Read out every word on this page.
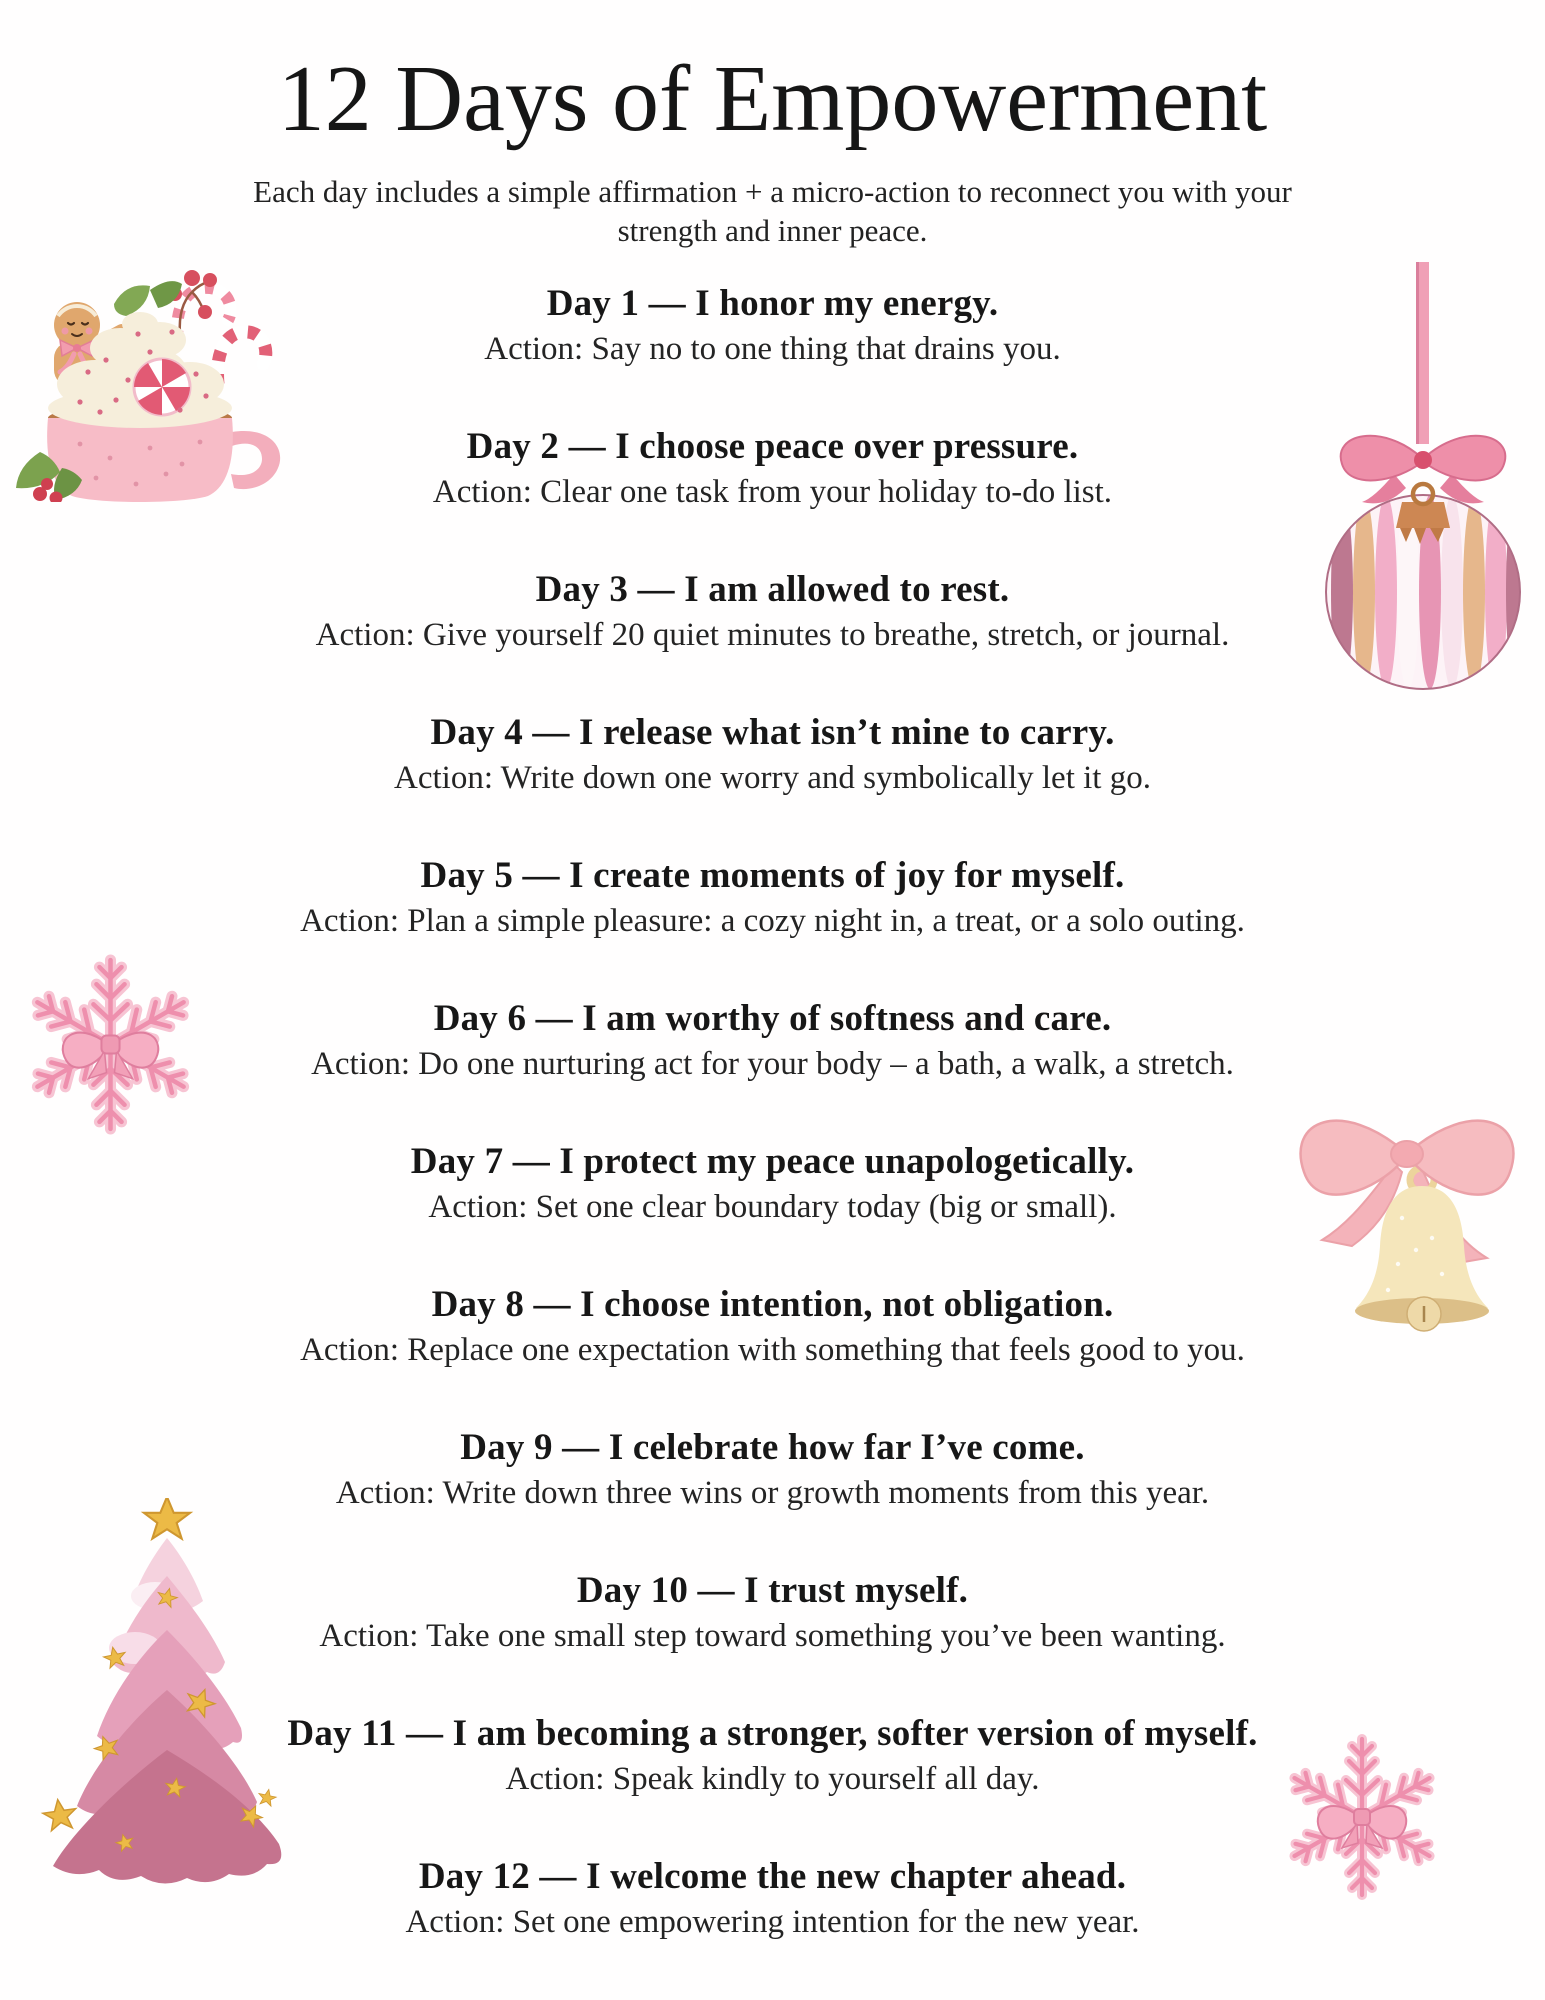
12 Days of Empowerment
Each day includes a simple affirmation + a micro-action to reconnect you with your strength and inner peace.
Day 1 — I honor my energy.
Action: Say no to one thing that drains you.
Day 2 — I choose peace over pressure.
Action: Clear one task from your holiday to-do list.
Day 3 — I am allowed to rest.
Action: Give yourself 20 quiet minutes to breathe, stretch, or journal.
Day 4 — I release what isn’t mine to carry.
Action: Write down one worry and symbolically let it go.
Day 5 — I create moments of joy for myself.
Action: Plan a simple pleasure: a cozy night in, a treat, or a solo outing.
Day 6 — I am worthy of softness and care.
Action: Do one nurturing act for your body – a bath, a walk, a stretch.
Day 7 — I protect my peace unapologetically.
Action: Set one clear boundary today (big or small).
Day 8 — I choose intention, not obligation.
Action: Replace one expectation with something that feels good to you.
Day 9 — I celebrate how far I’ve come.
Action: Write down three wins or growth moments from this year.
Day 10 — I trust myself.
Action: Take one small step toward something you’ve been wanting.
Day 11 — I am becoming a stronger, softer version of myself.
Action: Speak kindly to yourself all day.
Day 12 — I welcome the new chapter ahead.
Action: Set one empowering intention for the new year.
